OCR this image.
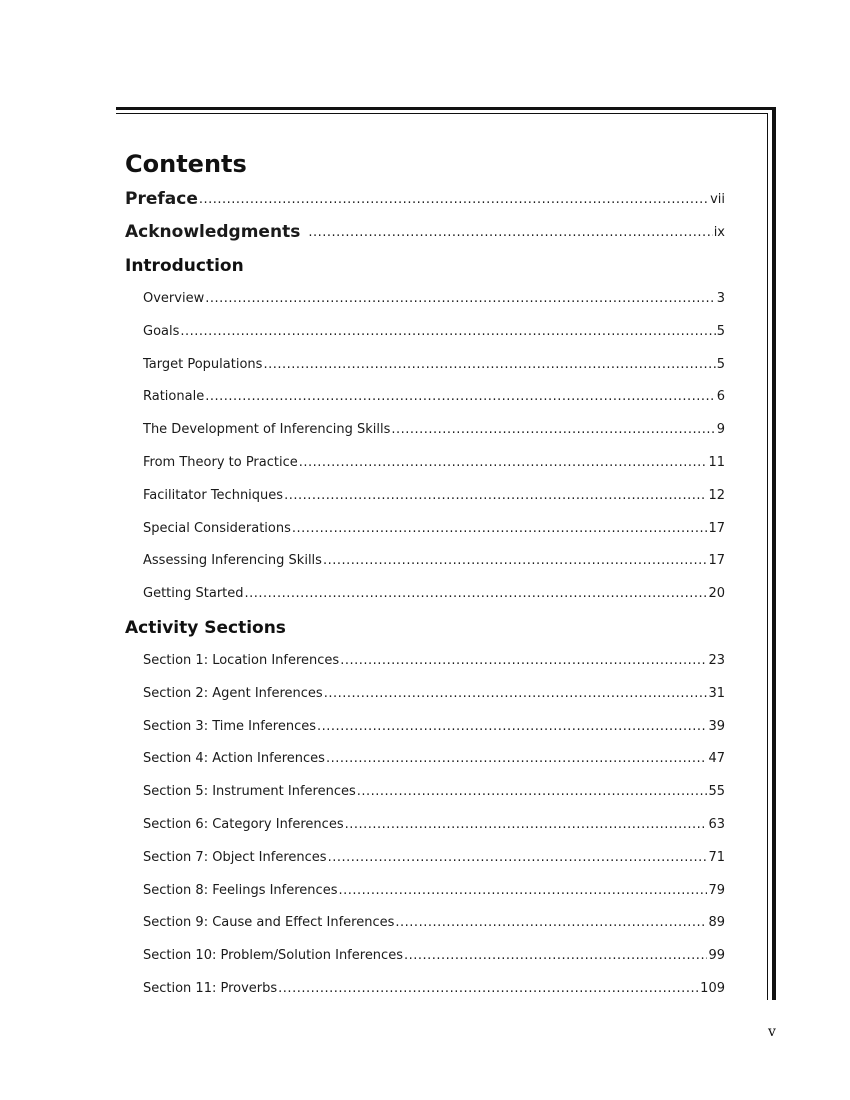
Contents
Preface .....	vii
Acknowledgments .....	ix
Introduction
Overview .....	3
Goals .....	5
Target Populations .....	5
Rationale .....	6
The Development of Inferencing Skills .....	9
From Theory to Practice .....	11
Facilitator Techniques .....	12
Special Considerations .....	17
Assessing Inferencing Skills .....	17
Getting Started .....	20
Activity Sections
Section 1: Location Inferences .....	23
Section 2: Agent Inferences .....	31
Section 3: Time Inferences .....	39
Section 4: Action Inferences .....	47
Section 5: Instrument Inferences .....	55
Section 6: Category Inferences .....	63
Section 7: Object Inferences .....	71
Section 8: Feelings Inferences .....	79
Section 9: Cause and Effect Inferences .....	89
Section 10: Problem/Solution Inferences .....	99
Section 11: Proverbs .....	109
v
